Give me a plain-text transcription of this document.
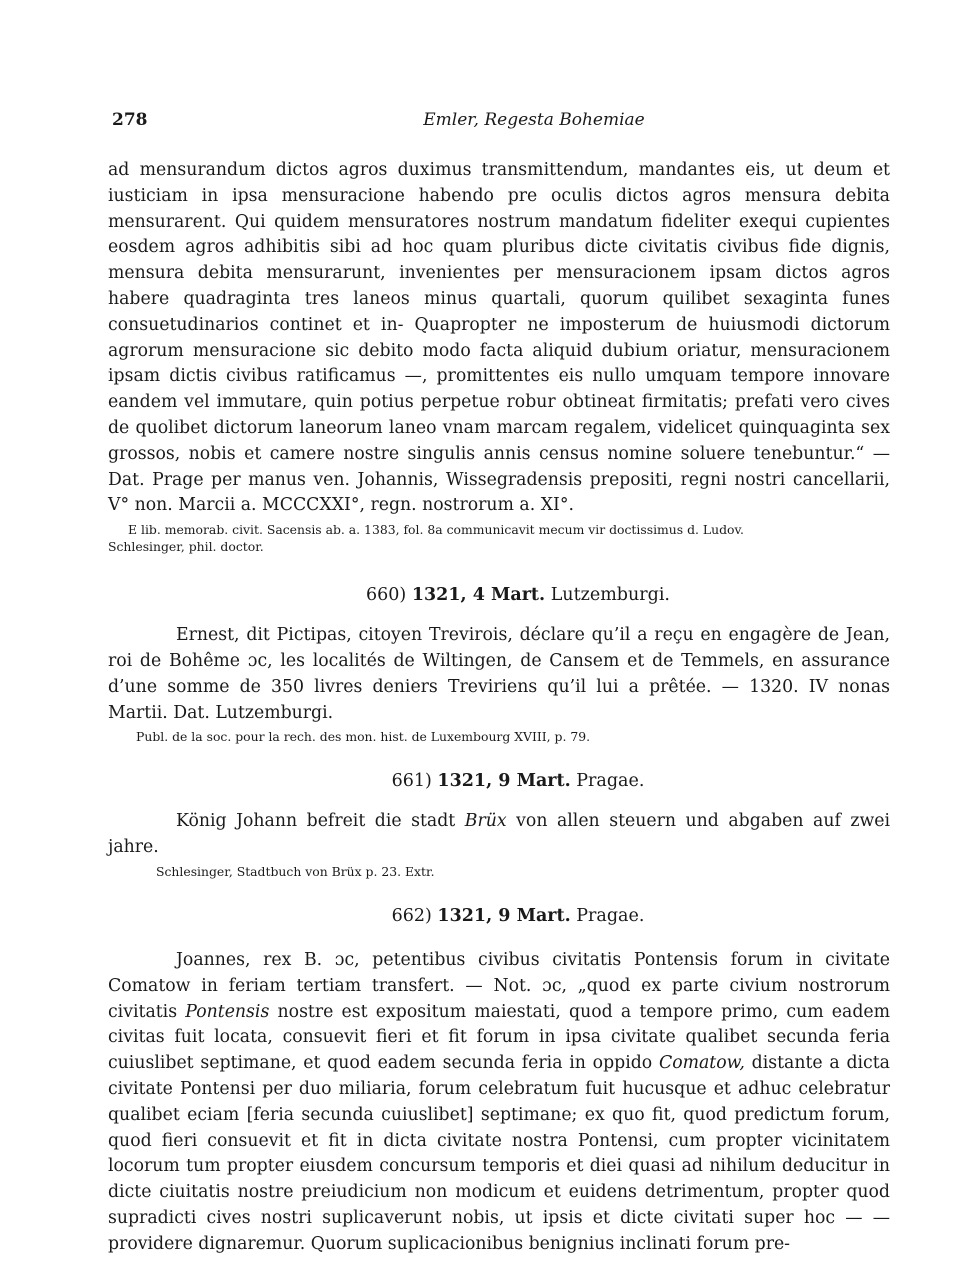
278	Emler, Regesta Bohemiae

ad mensurandum dictos agros duximus transmittendum, mandantes eis, ut deum et iusticiam in ipsa mensuracione habendo pre oculis dictos agros mensura debita mensurarent. Qui quidem mensuratores nostrum mandatum fideliter exequi cupientes eosdem agros adhibitis sibi ad hoc quam pluribus dicte civitatis civibus fide dignis, mensura debita mensurarunt, invenientes per mensuracionem ipsam dictos agros habere quadraginta tres laneos minus quartali, quorum quilibet sexaginta funes consuetudinarios continet et in- Quapropter ne imposterum de huiusmodi dictorum agrorum mensuracione sic debito modo facta aliquid dubium oriatur, mensuracionem ipsam dictis civibus ratificamus —, promittentes eis nullo umquam tempore innovare eandem vel immutare, quin potius perpetue robur obtineat firmitatis; prefati vero cives de quolibet dictorum laneorum laneo vnam marcam regalem, videlicet quinquaginta sex grossos, nobis et camere nostre singulis annis census nomine soluere tenebuntur.“ — Dat. Prage per manus ven. Johannis, Wissegradensis prepositi, regni nostri cancellarii, V° non. Marcii a. MCCCXXI°, regn. nostrorum a. XI°.

E lib. memorab. civit. Sacensis ab. a. 1383, fol. 8a communicavit mecum vir doctissimus d. Ludov.
Schlesinger, phil. doctor.

660) 1321, 4 Mart. Lutzemburgi.

Ernest, dit Pictipas, citoyen Trevirois, déclare qu’il a reçu en engagère de Jean, roi de Bohême ɔc, les localités de Wiltingen, de Cansem et de Temmels, en assurance d’une somme de 350 livres deniers Treviriens qu’il lui a prêtée. — 1320. IV nonas Martii. Dat. Lutzemburgi.

Publ. de la soc. pour la rech. des mon. hist. de Luxembourg XVIII, p. 79.

661) 1321, 9 Mart. Pragae.

König Johann befreit die stadt Brüx von allen steuern und abgaben auf zwei jahre.

Schlesinger, Stadtbuch von Brüx p. 23. Extr.

662) 1321, 9 Mart. Pragae.

Joannes, rex B. ɔc, petentibus civibus civitatis Pontensis forum in civitate Comatow in feriam tertiam transfert. — Not. ɔc, „quod ex parte civium nostrorum civitatis Pontensis nostre est expositum maiestati, quod a tempore primo, cum eadem civitas fuit locata, consuevit fieri et fit forum in ipsa civitate qualibet secunda feria cuiuslibet septimane, et quod eadem secunda feria in oppido Comatow, distante a dicta civitate Pontensi per duo miliaria, forum celebratum fuit hucusque et adhuc celebratur qualibet eciam [feria secunda cuiuslibet] septimane; ex quo fit, quod predictum forum, quod fieri consuevit et fit in dicta civitate nostra Pontensi, cum propter vicinitatem locorum tum propter eiusdem concursum temporis et diei quasi ad nihilum deducitur in dicte ciuitatis nostre preiudicium non modicum et euidens detrimentum, propter quod supradicti cives nostri suplicaverunt nobis, ut ipsis et dicte civitati super hoc — — providere dignaremur. Quorum suplicacionibus benignius inclinati forum pre-
